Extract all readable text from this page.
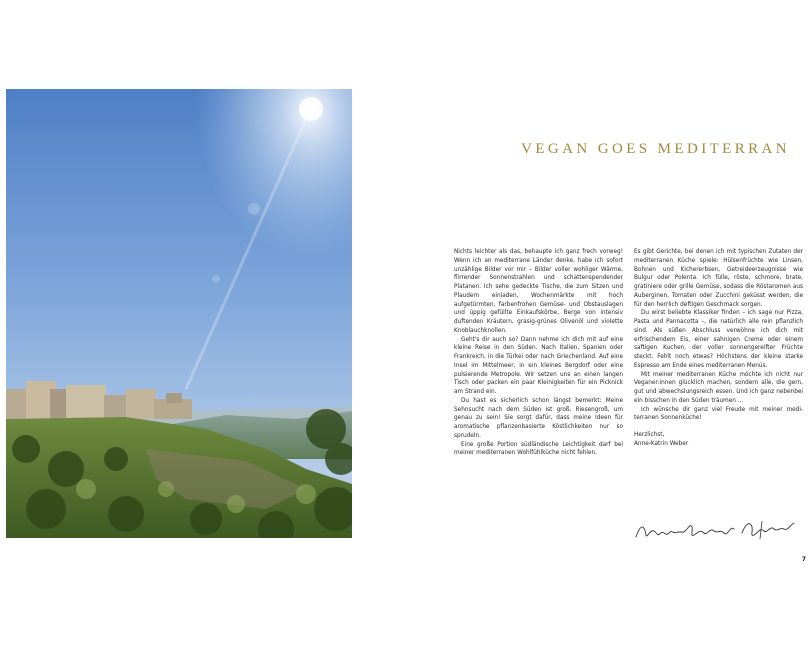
VEGAN GOES MEDITERRAN

Nichts leichter als das, behaupte ich ganz frech vorweg! Wenn ich an mediterrane Länder denke, habe ich sofort unzählige Bilder vor mir – Bilder voller wohliger Wärme, flirrender Sonnenstrahlen und schattenspendender Platanen. Ich sehe gedeckte Tische, die zum Sitzen und Plaudern einladen, Wochenmärkte mit hoch aufgetürmten, farbenfrohen Gemüse- und Obstauslagen und üppig gefüllte Einkaufskörbe, Berge von intensiv duftenden Kräutern, grasig-grünes Olivenöl und violette Knoblauchknollen.

Geht's dir auch so? Dann nehme ich dich mit auf eine kleine Reise in den Süden. Nach Italien, Spanien oder Frankreich, in die Türkei oder nach Griechenland. Auf eine Insel im Mittelmeer, in ein kleines Bergdorf oder eine pulsierende Metropole. Wir setzen uns an einen langen Tisch oder packen ein paar Kleinigkeiten für ein Picknick am Strand ein.

Du hast es sicherlich schon längst bemerkt: Meine Sehnsucht nach dem Süden ist groß. Riesengroß, um genau zu sein! Sie sorgt dafür, dass meine Ideen für aromatische pflanzenbasierte Köstlichkeiten nur so sprudeln.

Eine große Portion südländische Leichtigkeit darf bei meiner mediterranen Wohlfühlküche nicht fehlen.

Es gibt Gerichte, bei denen ich mit typischen Zutaten der mediterranen Küche spiele: Hülsenfrüchte wie Linsen, Bohnen und Kichererbsen, Getreideerzeugnisse wie Bulgur oder Polenta. Ich fülle, röste, schmore, brate, gratiniere oder grille Gemüse, sodass die Röstaromen aus Auberginen, Tomaten oder Zucchini geküsst werden, die für den herrlich deftigen Geschmack sorgen.

Du wirst beliebte Klassiker finden – ich sage nur Pizza, Pasta und Pannacotta –, die natürlich alle rein pflanzlich sind. Als süßen Abschluss verwöhne ich dich mit erfrischendem Eis, einer sahnigen Creme oder einem saftigen Kuchen, der voller sonnengereifter Früchte steckt. Fehlt noch etwas? Höchstens der kleine starke Espresso am Ende eines mediterranen Menüs.

Mit meiner mediterranen Küche möchte ich nicht nur Veganer:innen glücklich machen, sondern alle, die gern, gut und abwechslungsreich essen. Und ich ganz nebenbei ein bisschen in den Süden träumen …

Ich wünsche dir ganz viel Freude mit meiner mediterranen Sonnenküche!

Herzlichst,

Anne-Katrin Weber

7
